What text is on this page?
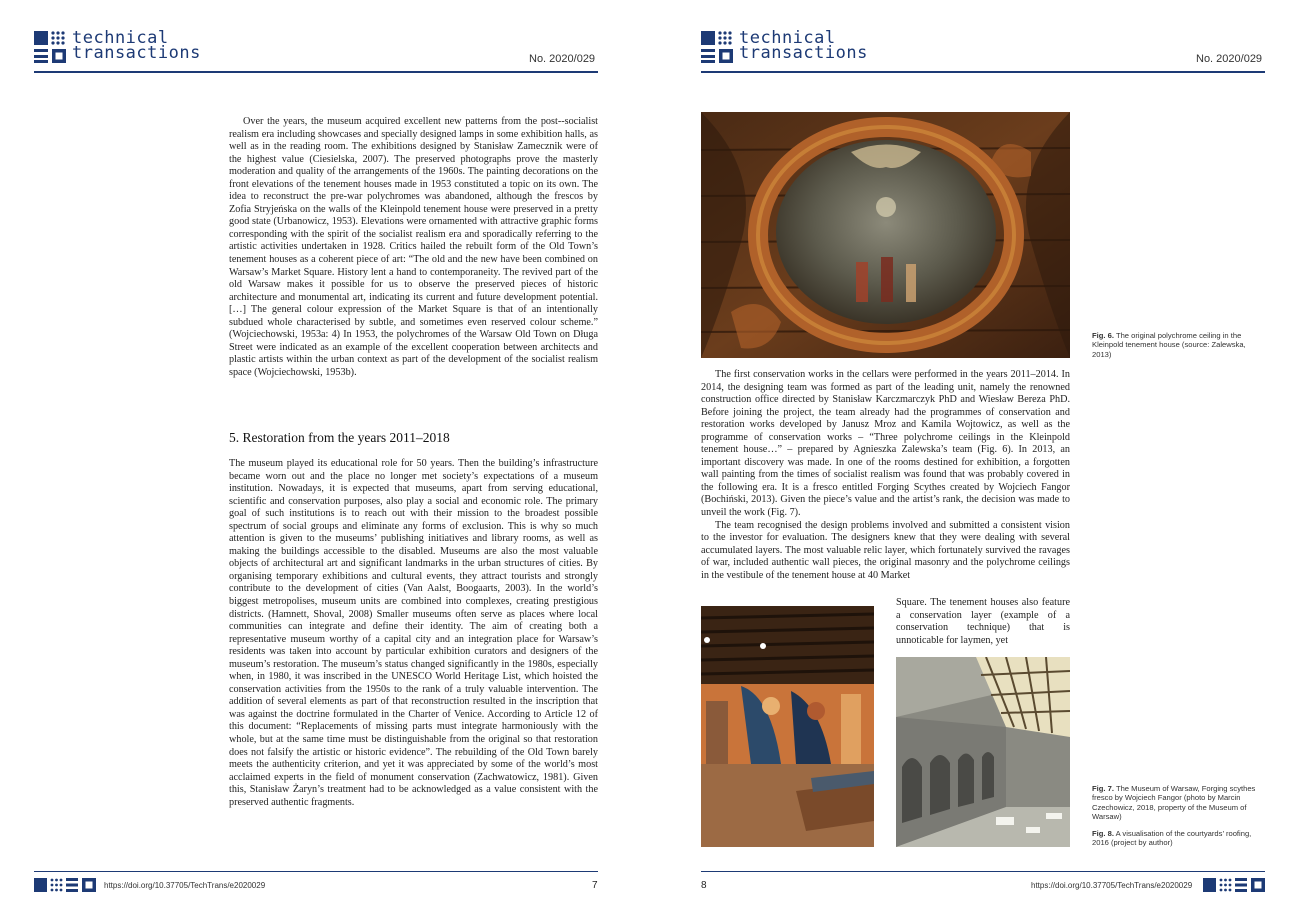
technical
transactions	No. 2020/029

Over the years, the museum acquired excellent new patterns from the post--socialist realism era including showcases and specially designed lamps in some exhibition halls, as well as in the reading room. The exhibitions designed by Stanisław Zamecznik were of the highest value (Ciesielska, 2007). The preserved photographs prove the masterly moderation and quality of the arrangements of the 1960s. The painting decorations on the front elevations of the tenement houses made in 1953 constituted a topic on its own. The idea to reconstruct the pre-war polychromes was abandoned, although the frescos by Zofia Stryjeńska on the walls of the Kleinpold tenement house were preserved in a pretty good state (Urbanowicz, 1953). Elevations were ornamented with attractive graphic forms corresponding with the spirit of the socialist realism era and sporadically referring to the artistic activities undertaken in 1928. Critics hailed the rebuilt form of the Old Town’s tenement houses as a coherent piece of art: “The old and the new have been combined on Warsaw’s Market Square. History lent a hand to contemporaneity. The revived part of the old Warsaw makes it possible for us to observe the preserved pieces of historic architecture and monumental art, indicating its current and future development potential. […] The general colour expression of the Market Square is that of an intentionally subdued whole characterised by subtle, and sometimes even reserved colour scheme.” (Wojciechowski, 1953a: 4) In 1953, the polychromes of the Warsaw Old Town on Długa Street were indicated as an example of the excellent cooperation between architects and plastic artists within the urban context as part of the development of the socialist realism space (Wojciechowski, 1953b).

5. Restoration from the years 2011–2018

The museum played its educational role for 50 years. Then the building’s infrastructure became worn out and the place no longer met society’s expectations of a museum institution. Nowadays, it is expected that museums, apart from serving educational, scientific and conservation purposes, also play a social and economic role. The primary goal of such institutions is to reach out with their mission to the broadest possible spectrum of social groups and eliminate any forms of exclusion. This is why so much attention is given to the museums’ publishing initiatives and library rooms, as well as making the buildings accessible to the disabled. Museums are also the most valuable objects of architectural art and significant landmarks in the urban structures of cities. By organising temporary exhibitions and cultural events, they attract tourists and strongly contribute to the development of cities (Van Aalst, Boogaarts, 2003). In the world’s biggest metropolises, museum units are combined into complexes, creating prestigious districts. (Hamnett, Shoval, 2008) Smaller museums often serve as places where local communities can integrate and define their identity. The aim of creating both a representative museum worthy of a capital city and an integration place for Warsaw’s residents was taken into account by particular exhibition curators and designers of the museum’s restoration. The museum’s status changed significantly in the 1980s, especially when, in 1980, it was inscribed in the UNESCO World Heritage List, which hoisted the conservation activities from the 1950s to the rank of a truly valuable intervention. The addition of several elements as part of that reconstruction resulted in the inscription that was against the doctrine formulated in the Charter of Venice. According to Article 12 of this document: “Replacements of missing parts must integrate harmoniously with the whole, but at the same time must be distinguishable from the original so that restoration does not falsify the artistic or historic evidence”. The rebuilding of the Old Town barely meets the authenticity criterion, and yet it was appreciated by some of the world’s most acclaimed experts in the field of monument conservation (Zachwatowicz, 1981). Given this, Stanisław Żaryn’s treatment had to be acknowledged as a value consistent with the preserved authentic fragments.

https://doi.org/10.37705/TechTrans/e2020029	7
technical
transactions	No. 2020/029
Fig. 6. The original polychrome ceiling in the Kleinpold tenement house (source: Zalewska, 2013)

The first conservation works in the cellars were performed in the years 2011–2014. In 2014, the designing team was formed as part of the leading unit, namely the renowned construction office directed by Stanisław Karczmarczyk PhD and Wiesław Bereza PhD. Before joining the project, the team already had the programmes of conservation and restoration works developed by Janusz Mroz and Kamila Wojtowicz, as well as the programme of conservation works – “Three polychrome ceilings in the Kleinpold tenement house…” – prepared by Agnieszka Zalewska’s team (Fig. 6). In 2013, an important discovery was made. In one of the rooms destined for exhibition, a forgotten wall painting from the times of socialist realism was found that was probably covered in the following era. It is a fresco entitled Forging Scythes created by Wojciech Fangor (Bochiński, 2013). Given the piece’s value and the artist’s rank, the decision was made to unveil the work (Fig. 7).

The team recognised the design problems involved and submitted a consistent vision to the investor for evaluation. The designers knew that they were dealing with several accumulated layers. The most valuable relic layer, which fortunately survived the ravages of war, included authentic wall pieces, the original masonry and the polychrome ceilings in the vestibule of the tenement house at 40 Market

Square. The tenement houses also feature a conservation layer (example of a conservation technique) that is unnoticable for laymen, yet

Fig. 7. The Museum of Warsaw, Forging scythes fresco by Wojciech Fangor (photo by Marcin Czechowicz, 2018, property of the Museum of Warsaw)
Fig. 8. A visualisation of the courtyards’ roofing, 2016 (project by author)
8	https://doi.org/10.37705/TechTrans/e2020029
